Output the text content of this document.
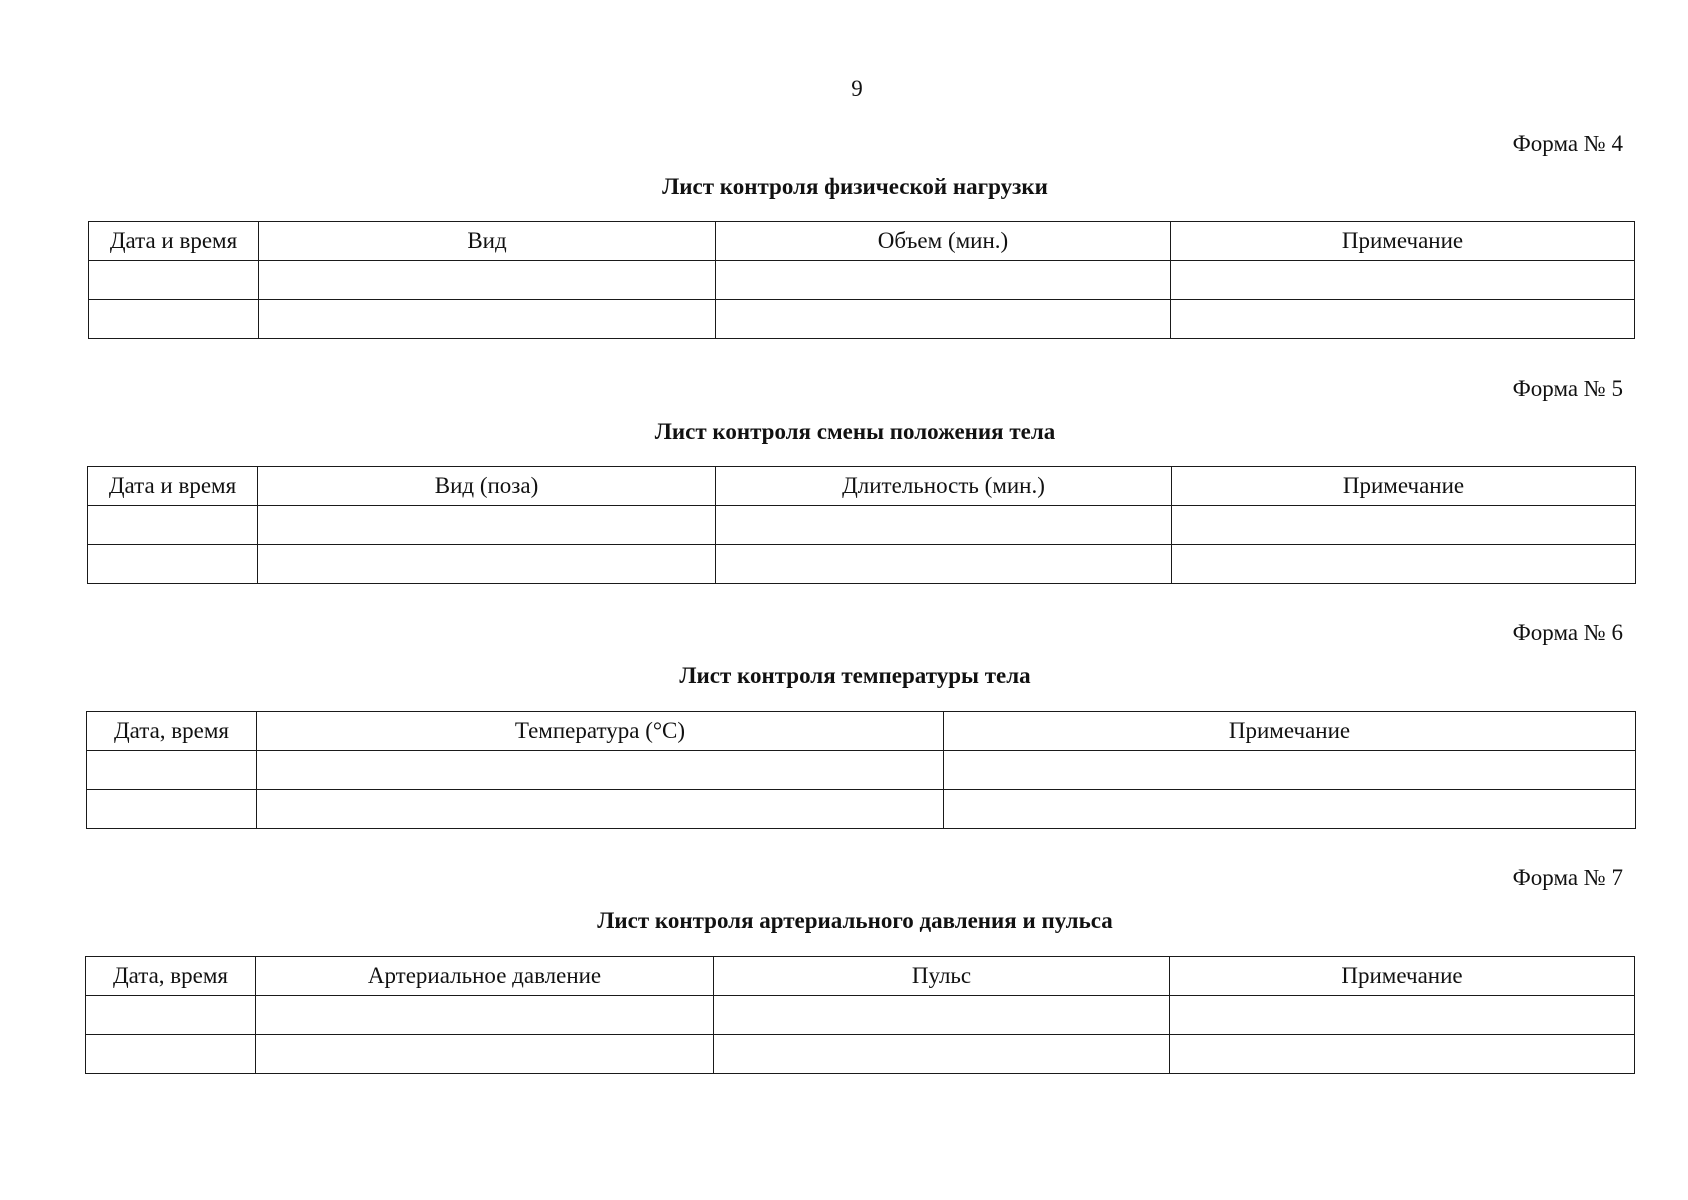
9
Форма № 4
Лист контроля физической нагрузки
Дата и время	Вид	Объем (мин.)	Примечание

Форма № 5
Лист контроля смены положения тела
Дата и время	Вид (поза)	Длительность (мин.)	Примечание

Форма № 6
Лист контроля температуры тела
Дата, время	Температура (°C)	Примечание

Форма № 7
Лист контроля артериального давления и пульса
Дата, время	Артериальное давление	Пульс	Примечание
